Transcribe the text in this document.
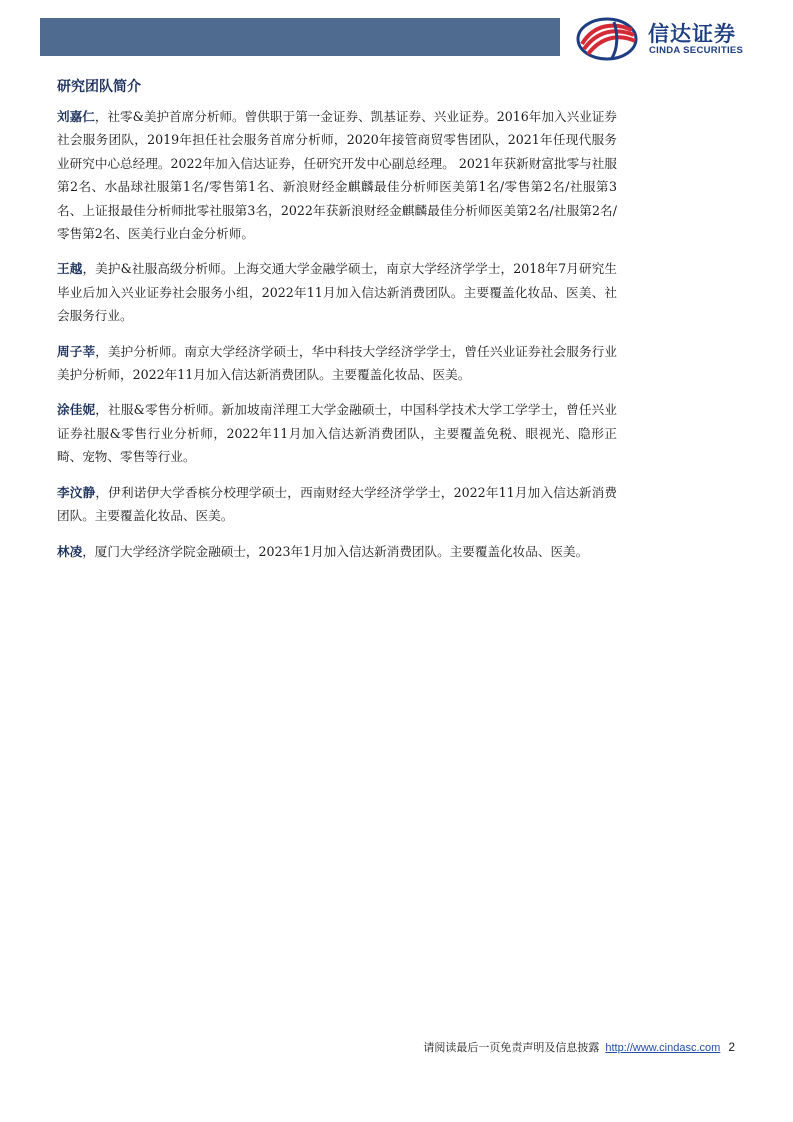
信达证券
CINDA SECURITIES
研究团队简介

刘嘉仁，社零&美护首席分析师。曾供职于第一金证券、凯基证券、兴业证券。2016年加入兴业证券社会服务团队，2019年担任社会服务首席分析师，2020年接管商贸零售团队，2021年任现代服务业研究中心总经理。2022年加入信达证券，任研究开发中心副总经理。 2021年获新财富批零与社服第2名、水晶球社服第1名/零售第1名、新浪财经金麒麟最佳分析师医美第1名/零售第2名/社服第3名、上证报最佳分析师批零社服第3名，2022年获新浪财经金麒麟最佳分析师医美第2名/社服第2名/零售第2名、医美行业白金分析师。

王越，美护&社服高级分析师。上海交通大学金融学硕士，南京大学经济学学士，2018年7月研究生毕业后加入兴业证券社会服务小组，2022年11月加入信达新消费团队。主要覆盖化妆品、医美、社会服务行业。

周子莘，美护分析师。南京大学经济学硕士，华中科技大学经济学学士，曾任兴业证券社会服务行业美护分析师，2022年11月加入信达新消费团队。主要覆盖化妆品、医美。

涂佳妮，社服&零售分析师。新加坡南洋理工大学金融硕士，中国科学技术大学工学学士，曾任兴业证券社服&零售行业分析师，2022年11月加入信达新消费团队，主要覆盖免税、眼视光、隐形正畸、宠物、零售等行业。

李汶静，伊利诺伊大学香槟分校理学硕士，西南财经大学经济学学士，2022年11月加入信达新消费团队。主要覆盖化妆品、医美。

林凌，厦门大学经济学院金融硕士，2023年1月加入信达新消费团队。主要覆盖化妆品、医美。

请阅读最后一页免责声明及信息披露 http://www.cindasc.com 2
